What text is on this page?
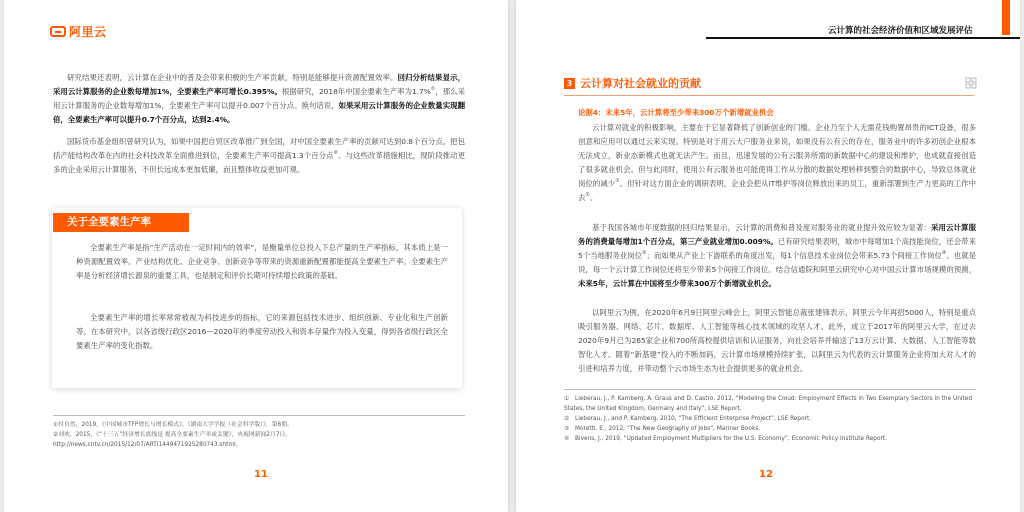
阿里云

研究结果还表明，云计算在企业中的普及会带来积极的生产率贡献，特别是能够提升资源配置效率。回归分析结果显示，采用云计算服务的企业数每增加1%，全要素生产率可增长0.395%。根据研究，2018年中国全要素生产率为1.7%①，那么采用云计算服务的企业数每增加1%，全要素生产率可以提升0.007个百分点。换句话说，如果采用云计算服务的企业数量实现翻倍，全要素生产率可以提升0.7个百分点，达到2.4%。

国际货币基金组织曾研究认为，如果中国把自贸区改革推广到全国，对中国全要素生产率的贡献可达到0.8个百分点。把包括产能结构改革在内的社会科技改革全面推进到位，全要素生产率可提高1.3个百分点②。与这些改革措施相比，现阶段推动更多的企业采用云计算服务，不但长远成本更加低廉，而且整体收益更加可观。

关于全要素生产率

全要素生产率是指“生产活动在一定时间内的效率”，是衡量单位总投入下总产量的生产率指标，其本质上是一种资源配置效率。产业结构优化、企业竞争、创新竞争等带来的资源重新配置都能提高全要素生产率。全要素生产率是分析经济增长源泉的重要工具，也是制定和评价长期可持续增长政策的基础。

全要素生产率的增长率常常被视为科技进步的指标，它的来源包括技术进步、组织创新、专业化和生产创新等。在本研究中，以各省级行政区2016—2020年的季度劳动投入和资本存量作为投入变量，得到各省级行政区全要素生产率的变化指数。

①付自然，2019，《中国城市TFP增长与增长模式》，《湖南大学学报（社会科学版）》，第6期。
②刘欢，2015，《“十三五”经济增长底线是 提高全要素生产率或关键》，央视网新闻2月7日，http://news.cntv.cn/2015/12/07/ARTI1449471925280743.shtml。
11
云计算的社会经济价值和区域发展评估
3 云计算对社会就业的贡献
论据4：未来5年，云计算将至少带来300万个新增就业机会

云计算对就业的积极影响，主要在于它显著降低了创新创业的门槛。企业乃至个人无需花钱购置昂贵的ICT设备，很多创意和应用可以通过云来实现。特别是对于用云大户服务业来说，如果没有公有云的存在，服务业中的许多初创企业根本无法成立，新业态新模式也就无法产生。而且，迅速发展的公有云服务所需的新数据中心的建设和维护，也成就直接创造了很多就业机会。但与此同时，使用公有云服务也可能使得工作从分散的数据处理转移到整合的数据中心，导致总体就业岗位的减少①。但针对这方面企业的调研表明，企业会把从IT维护等岗位释放出来的员工，重新部署到生产力更高的工作中去②。

基于我国各城市年度数据的回归结果显示，云计算的消费和普及度对服务业的就业提升效应较为显著：采用云计算服务的消费量每增加1个百分点，第三产业就业增加0.009%。已有研究结果表明，城市中每增加1个高技能岗位，还会带来5个当地服务业岗位③；而如果从产业上下游联系的角度出发，每1个信息技术业岗位会带来5.73个间接工作岗位④。也就是说，每一个云计算工作岗位还将至少带来5个间接工作岗位。结合信通院和阿里云研究中心对中国云计算市场规模的预测，未来5年，云计算在中国将至少带来300万个新增就业机会。

以阿里云为例，在2020年6月9日阿里云峰会上，阿里云智能总裁张建锋表示，阿里云今年再招5000人，特别是重点吸引服务器、网络、芯片、数据库、人工智能等核心技术领域的攻坚人才。此外，成立于2017年的阿里云大学，在过去2020年9月已为265家企业和700所高校提供培训和认证服务，向社会培养并输送了13万云计算、大数据、人工智能等数智化人才。随着“新基建”投入的不断加码，云计算市场规模持续扩张，以阿里云为代表的云计算服务企业将加大对人才的引进和培养力度，并带动整个云市场生态为社会提供更多的就业机会。

①　Lieberau, J., P. Kamberg, A. Graus and D. Castro, 2012, “Modeling the Cloud: Employment Effects in Two Exemplary Sectors in the United States, the United Kingdom, Germany and Italy”, LSE Report.
②　Lieberau, J., and P. Kamberg, 2010, “The Efficient Enterprise Project”, LSE Report.
③　Moretti, E., 2012, “The New Geography of Jobs”, Mariner Books.
④　Bivens, J., 2019, “Updated Employment Multipliers for the U.S. Economy”, Economic Policy Institute Report.
12
